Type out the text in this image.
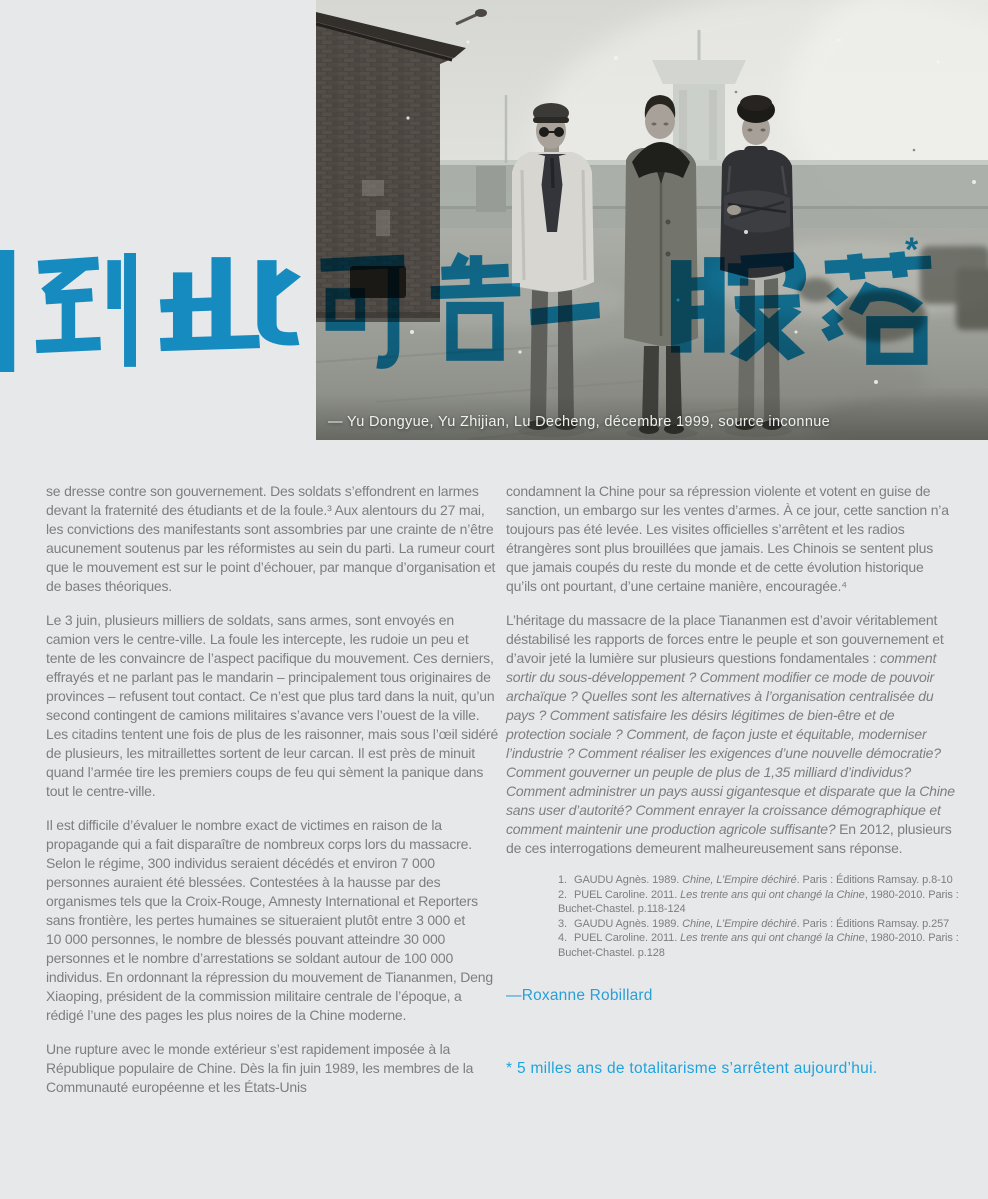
— Yu Dongyue, Yu Zhijian, Lu Decheng, décembre 1999, source inconnue
*

se dresse contre son gouvernement. Des soldats s’effondrent en larmes devant la fraternité des étudiants et de la foule.³ Aux alentours du 27 mai, les convictions des manifestants sont assombries par une crainte de n’être aucunement soutenus par les réformistes au sein du parti. La rumeur court que le mouvement est sur le point d’échouer, par manque d’organisation et de bases théoriques.

Le 3 juin, plusieurs milliers de soldats, sans armes, sont envoyés en camion vers le centre-ville. La foule les intercepte, les rudoie un peu et tente de les convaincre de l’aspect pacifique du mouvement. Ces derniers, effrayés et ne parlant pas le mandarin – principalement tous originaires de provinces – refusent tout contact. Ce n’est que plus tard dans la nuit, qu’un second contingent de camions militaires s’avance vers l’ouest de la ville. Les citadins tentent une fois de plus de les raisonner, mais sous l’œil sidéré de plusieurs, les mitraillettes sortent de leur carcan. Il est près de minuit quand l’armée tire les premiers coups de feu qui sèment la panique dans tout le centre-ville.

Il est difficile d’évaluer le nombre exact de victimes en raison de la propagande qui a fait disparaître de nombreux corps lors du massacre. Selon le régime, 300 individus seraient décédés et environ 7 000 personnes auraient été blessées. Contestées à la hausse par des organismes tels que la Croix-Rouge, Amnesty International et Reporters sans frontière, les pertes humaines se situeraient plutôt entre 3 000 et 10 000 personnes, le nombre de blessés pouvant atteindre 30 000 personnes et le nombre d’arrestations se soldant autour de 100 000 individus. En ordonnant la répression du mouvement de Tiananmen, Deng Xiaoping, président de la commission militaire centrale de l’époque, a rédigé l’une des pages les plus noires de la Chine moderne.

Une rupture avec le monde extérieur s’est rapidement imposée à la République populaire de Chine. Dès la fin juin 1989, les membres de la Communauté européenne et les États-Unis

condamnent la Chine pour sa répression violente et votent en guise de sanction, un embargo sur les ventes d’armes. À ce jour, cette sanction n’a toujours pas été levée. Les visites officielles s’arrêtent et les radios étrangères sont plus brouillées que jamais. Les Chinois se sentent plus que jamais coupés du reste du monde et de cette évolution historique qu’ils ont pourtant, d’une certaine manière, encouragée.⁴

L’héritage du massacre de la place Tiananmen est d’avoir véritablement déstabilisé les rapports de forces entre le peuple et son gouvernement et d’avoir jeté la lumière sur plusieurs questions fondamentales : comment sortir du sous-développement ? Comment modifier ce mode de pouvoir archaïque ? Quelles sont les alternatives à l’organisation centralisée du pays ? Comment satisfaire les désirs légitimes de bien-être et de protection sociale ? Comment, de façon juste et équitable, moderniser l’industrie ? Comment réaliser les exigences d’une nouvelle démocratie? Comment gouverner un peuple de plus de 1,35 milliard d’individus? Comment administrer un pays aussi gigantesque et disparate que la Chine sans user d’autorité? Comment enrayer la croissance démographique et comment maintenir une production agricole suffisante? En 2012, plusieurs de ces interrogations demeurent malheureusement sans réponse.

1. GAUDU Agnès. 1989. Chine, L’Empire déchiré. Paris : Éditions Ramsay. p.8-10
2. PUEL Caroline. 2011. Les trente ans qui ont changé la Chine, 1980-2010. Paris : Buchet-Chastel. p.118-124
3. GAUDU Agnès. 1989. Chine, L’Empire déchiré. Paris : Éditions Ramsay. p.257
4. PUEL Caroline. 2011. Les trente ans qui ont changé la Chine, 1980-2010. Paris : Buchet-Chastel. p.128
—Roxanne Robillard
* 5 milles ans de totalitarisme s’arrêtent aujourd’hui.
